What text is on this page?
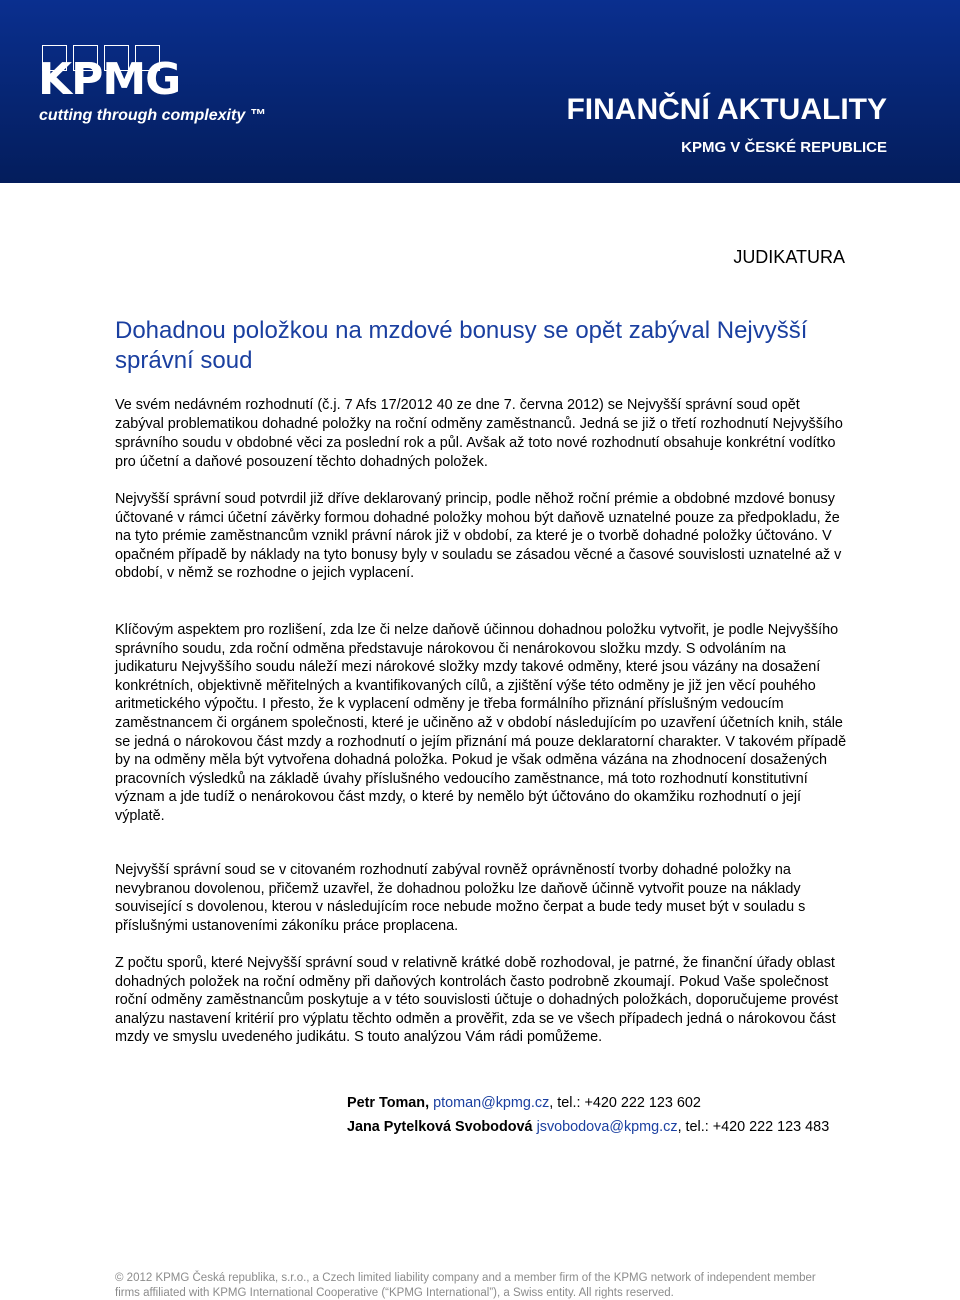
KPMG
cutting through complexity ™	FINANČNÍ AKTUALITY
KPMG V ČESKÉ REPUBLICE
JUDIKATURA
Dohadnou položkou na mzdové bonusy se opět zabýval Nejvyšší správní soud

Ve svém nedávném rozhodnutí (č.j. 7 Afs 17/2012 40 ze dne 7. června 2012) se Nejvyšší správní soud opět zabýval problematikou dohadné položky na roční odměny zaměstnanců. Jedná se již o třetí rozhodnutí Nejvyššího správního soudu v obdobné věci za poslední rok a půl. Avšak až toto nové rozhodnutí obsahuje konkrétní vodítko pro účetní a daňové posouzení těchto dohadných položek.

Nejvyšší správní soud potvrdil již dříve deklarovaný princip, podle něhož roční prémie a obdobné mzdové bonusy účtované v rámci účetní závěrky formou dohadné položky mohou být daňově uznatelné pouze za předpokladu, že na tyto prémie zaměstnancům vznikl právní nárok již v období, za které je o tvorbě dohadné položky účtováno. V opačném případě by náklady na tyto bonusy byly v souladu se zásadou věcné a časové souvislosti uznatelné až v období, v němž se rozhodne o jejich vyplacení.

Klíčovým aspektem pro rozlišení, zda lze či nelze daňově účinnou dohadnou položku vytvořit, je podle Nejvyššího správního soudu, zda roční odměna představuje nárokovou či nenárokovou složku mzdy. S odvoláním na judikaturu Nejvyššího soudu náleží mezi nárokové složky mzdy takové odměny, které jsou vázány na dosažení konkrétních, objektivně měřitelných a kvantifikovaných cílů, a zjištění výše této odměny je již jen věcí pouhého aritmetického výpočtu. I přesto, že k vyplacení odměny je třeba formálního přiznání příslušným vedoucím zaměstnancem či orgánem společnosti, které je učiněno až v období následujícím po uzavření účetních knih, stále se jedná o nárokovou část mzdy a rozhodnutí o jejím přiznání má pouze deklaratorní charakter. V takovém případě by na odměny měla být vytvořena dohadná položka. Pokud je však odměna vázána na zhodnocení dosažených pracovních výsledků na základě úvahy příslušného vedoucího zaměstnance, má toto rozhodnutí konstitutivní význam a jde tudíž o nenárokovou část mzdy, o které by nemělo být účtováno do okamžiku rozhodnutí o její výplatě.

Nejvyšší správní soud se v citovaném rozhodnutí zabýval rovněž oprávněností tvorby dohadné položky na nevybranou dovolenou, přičemž uzavřel, že dohadnou položku lze daňově účinně vytvořit pouze na náklady související s dovolenou, kterou v následujícím roce nebude možno čerpat a bude tedy muset být v souladu s příslušnými ustanoveními zákoníku práce proplacena.

Z počtu sporů, které Nejvyšší správní soud v relativně krátké době rozhodoval, je patrné, že finanční úřady oblast dohadných položek na roční odměny při daňových kontrolách často podrobně zkoumají. Pokud Vaše společnost roční odměny zaměstnancům poskytuje a v této souvislosti účtuje o dohadných položkách, doporučujeme provést analýzu nastavení kritérií pro výplatu těchto odměn a prověřit, zda se ve všech případech jedná o nárokovou část mzdy ve smyslu uvedeného judikátu. S touto analýzou Vám rádi pomůžeme.

Petr Toman, ptoman@kpmg.cz, tel.: +420 222 123 602
Jana Pytelková Svobodová jsvobodova@kpmg.cz, tel.: +420 222 123 483
© 2012 KPMG Česká republika, s.r.o., a Czech limited liability company and a member firm of the KPMG network of independent member firms affiliated with KPMG International Cooperative (“KPMG International”), a Swiss entity. All rights reserved.
